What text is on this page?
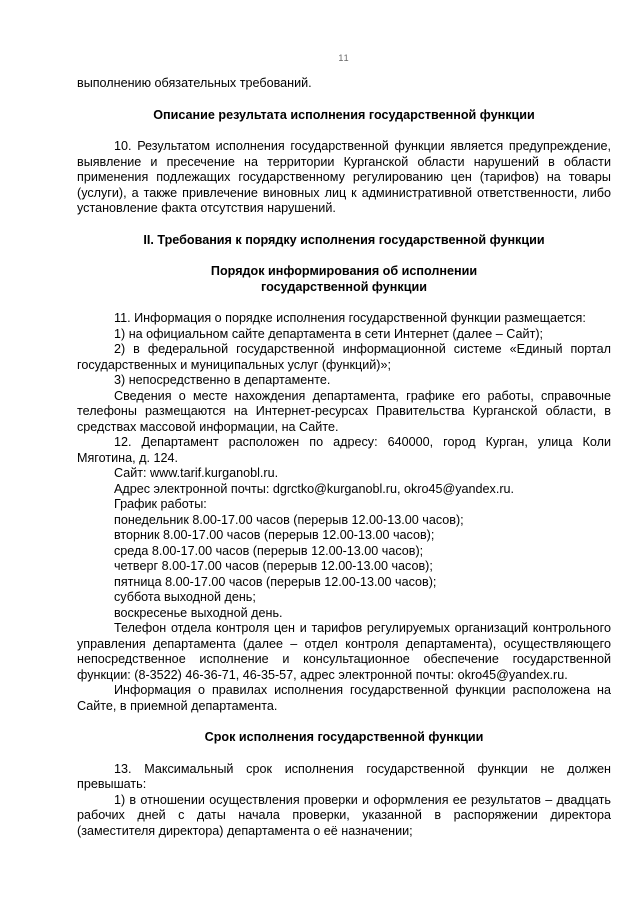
11

выполнению обязательных требований.

Описание результата исполнения государственной функции

10. Результатом исполнения государственной функции является предупреждение, выявление и пресечение на территории Курганской области нарушений в области применения подлежащих государственному регулированию цен (тарифов) на товары (услуги), а также привлечение виновных лиц к административной ответственности, либо установление факта отсутствия нарушений.

II. Требования к порядку исполнения государственной функции

Порядок информирования об исполнении

государственной функции

11. Информация о порядке исполнения государственной функции размещается:

1) на официальном сайте департамента в сети Интернет (далее – Сайт);

2) в федеральной государственной информационной системе «Единый портал государственных и муниципальных услуг (функций)»;

3) непосредственно в департаменте.

Сведения о месте нахождения департамента, графике его работы, справочные телефоны размещаются на Интернет-ресурсах Правительства Курганской области, в средствах массовой информации, на Сайте.

12. Департамент расположен по адресу: 640000, город Курган, улица Коли Мяготина, д. 124.

Сайт: www.tarif.kurganobl.ru.

Адрес электронной почты: dgrctko@kurganobl.ru, okro45@yandex.ru.

График работы:

понедельник 8.00-17.00 часов (перерыв 12.00-13.00 часов);

вторник 8.00-17.00 часов (перерыв 12.00-13.00 часов);

среда 8.00-17.00 часов (перерыв 12.00-13.00 часов);

четверг 8.00-17.00 часов (перерыв 12.00-13.00 часов);

пятница 8.00-17.00 часов (перерыв 12.00-13.00 часов);

суббота выходной день;

воскресенье выходной день.

Телефон отдела контроля цен и тарифов регулируемых организаций контрольного управления департамента (далее – отдел контроля департамента), осуществляющего непосредственное исполнение и консультационное обеспечение государственной функции: (8-3522) 46-36-71, 46-35-57, адрес электронной почты: okro45@yandex.ru.

Информация о правилах исполнения государственной функции расположена на Сайте, в приемной департамента.

Срок исполнения государственной функции

13. Максимальный срок исполнения государственной функции не должен превышать:

1) в отношении осуществления проверки и оформления ее результатов – двадцать рабочих дней с даты начала проверки, указанной в распоряжении директора (заместителя директора) департамента о её назначении;
